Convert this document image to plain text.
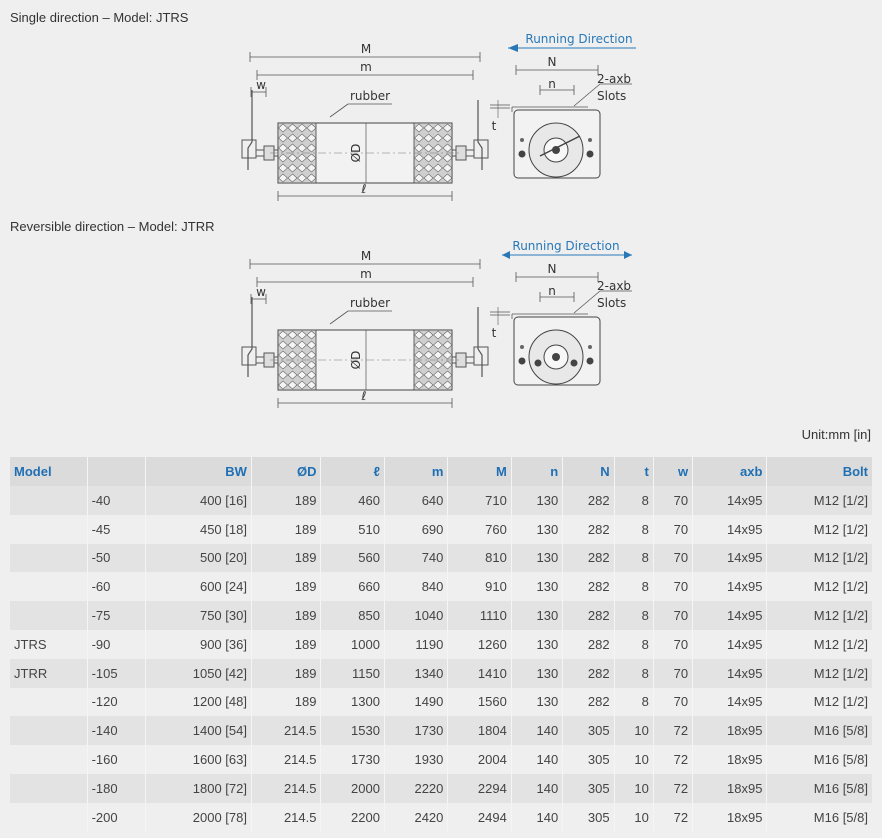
Single direction – Model: JTRS
M
m
w
ØD
rubber
ℓ
t
N
n	2-axb
Slots
Running Direction
Reversible direction – Model: JTRR
M
m
w
ØD
rubber
ℓ
t
N
n	2-axb
Slots
Running Direction
Unit:mm [in]
Model		BW	ØD	ℓ	m	M	n	N	t	w	axb	Bolt
	-40	400 [16]	189	460	640	710	130	282	8	70	14x95	M12 [1/2]
	-45	450 [18]	189	510	690	760	130	282	8	70	14x95	M12 [1/2]
	-50	500 [20]	189	560	740	810	130	282	8	70	14x95	M12 [1/2]
	-60	600 [24]	189	660	840	910	130	282	8	70	14x95	M12 [1/2]
	-75	750 [30]	189	850	1040	1110	130	282	8	70	14x95	M12 [1/2]
JTRS	-90	900 [36]	189	1000	1190	1260	130	282	8	70	14x95	M12 [1/2]
JTRR	-105	1050 [42]	189	1150	1340	1410	130	282	8	70	14x95	M12 [1/2]
	-120	1200 [48]	189	1300	1490	1560	130	282	8	70	14x95	M12 [1/2]
	-140	1400 [54]	214.5	1530	1730	1804	140	305	10	72	18x95	M16 [5/8]
	-160	1600 [63]	214.5	1730	1930	2004	140	305	10	72	18x95	M16 [5/8]
	-180	1800 [72]	214.5	2000	2220	2294	140	305	10	72	18x95	M16 [5/8]
	-200	2000 [78]	214.5	2200	2420	2494	140	305	10	72	18x95	M16 [5/8]
